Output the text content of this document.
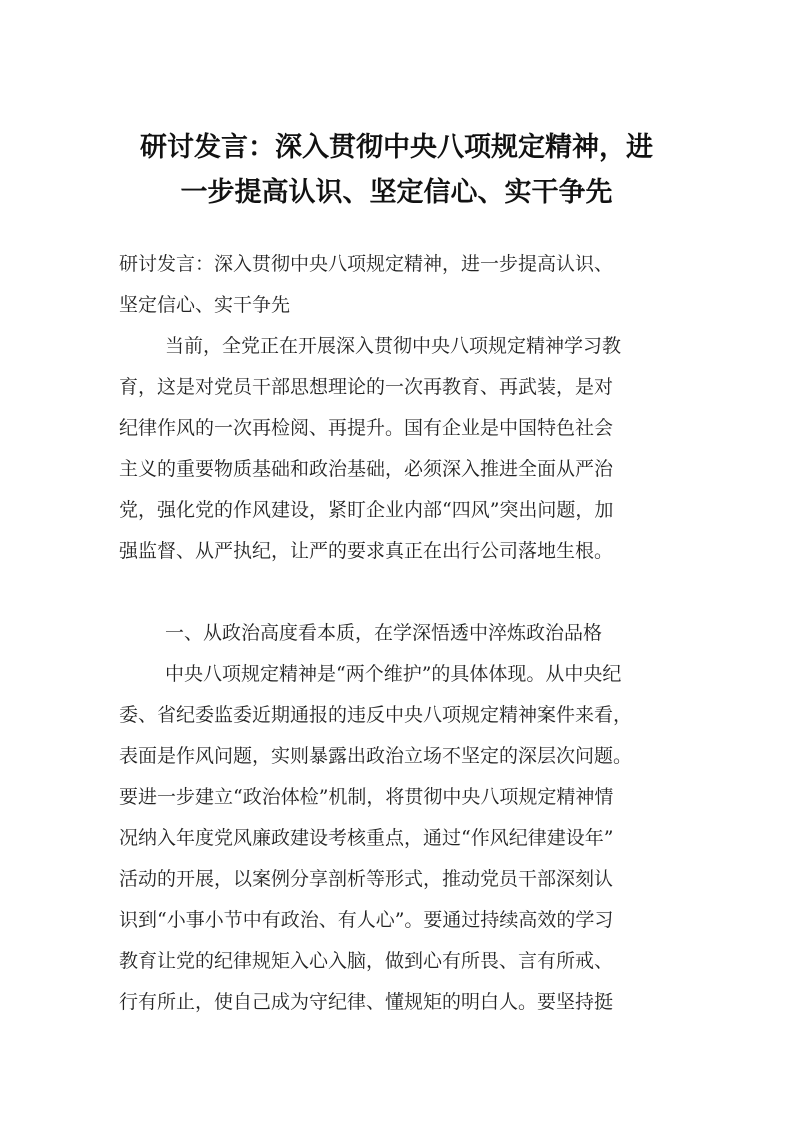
研讨发言：深入贯彻中央八项规定精神，进
一步提高认识、坚定信心、实干争先

研讨发言：深入贯彻中央八项规定精神，进一步提高认识、

坚定信心、实干争先

当前，全党正在开展深入贯彻中央八项规定精神学习教

育，这是对党员干部思想理论的一次再教育、再武装，是对

纪律作风的一次再检阅、再提升。国有企业是中国特色社会

主义的重要物质基础和政治基础，必须深入推进全面从严治

党，强化党的作风建设，紧盯企业内部“四风”突出问题，加

强监督、从严执纪，让严的要求真正在出行公司落地生根。

一、从政治高度看本质，在学深悟透中淬炼政治品格

中央八项规定精神是“两个维护”的具体体现。从中央纪

委、省纪委监委近期通报的违反中央八项规定精神案件来看，

表面是作风问题，实则暴露出政治立场不坚定的深层次问题。

要进一步建立“政治体检”机制，将贯彻中央八项规定精神情

况纳入年度党风廉政建设考核重点，通过“作风纪律建设年”

活动的开展，以案例分享剖析等形式，推动党员干部深刻认

识到“小事小节中有政治、有人心”。要通过持续高效的学习

教育让党的纪律规矩入心入脑，做到心有所畏、言有所戒、

行有所止，使自己成为守纪律、懂规矩的明白人。要坚持挺
